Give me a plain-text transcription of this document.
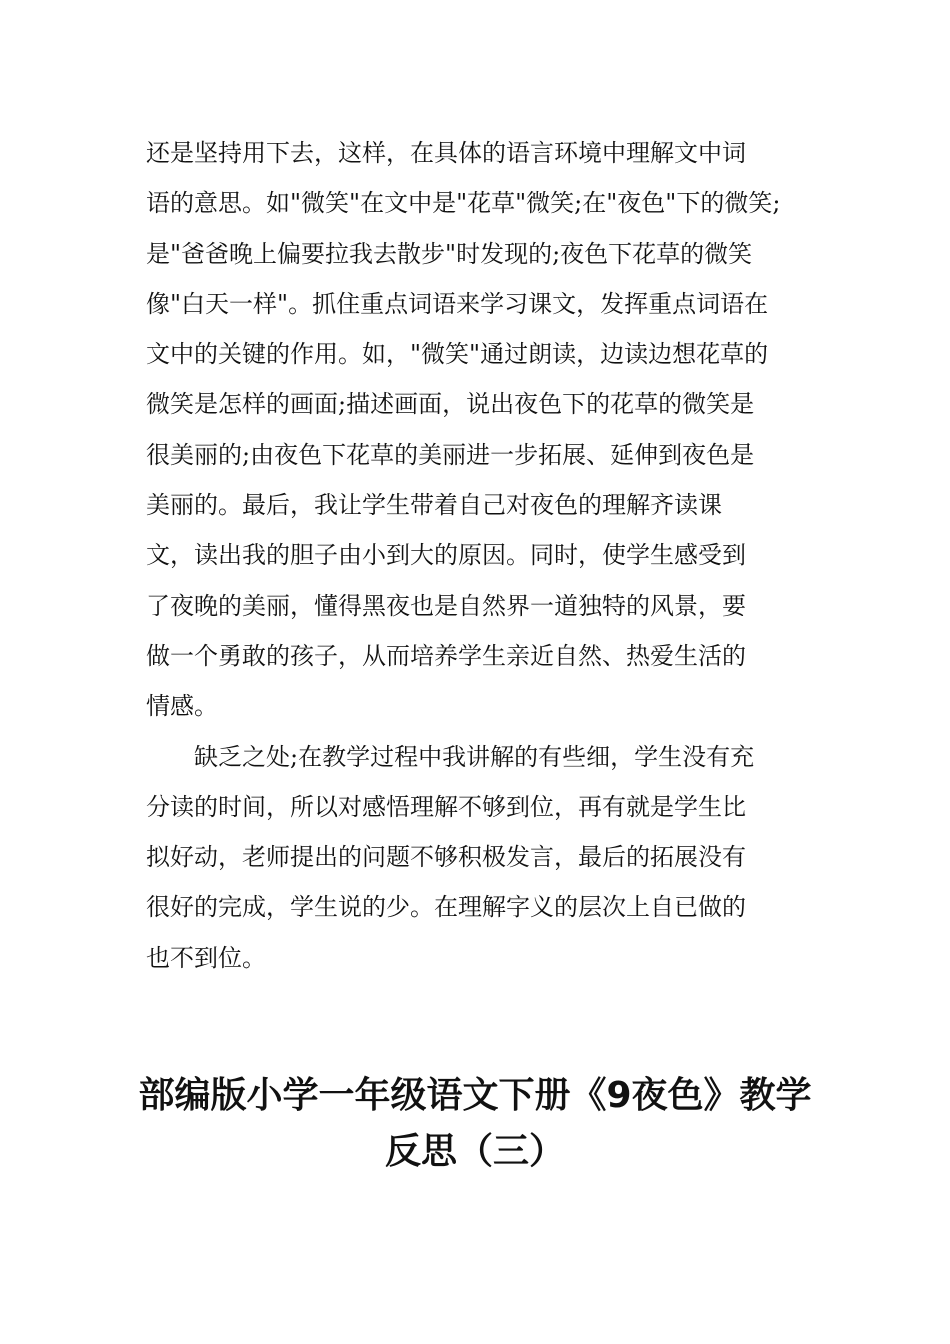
还是坚持用下去，这样，在具体的语言环境中理解文中词
语的意思。如"微笑"在文中是"花草"微笑;在"夜色"下的微笑;
是"爸爸晚上偏要拉我去散步"时发现的;夜色下花草的微笑
像"白天一样"。抓住重点词语来学习课文，发挥重点词语在
文中的关键的作用。如，"微笑"通过朗读，边读边想花草的
微笑是怎样的画面;描述画面，说出夜色下的花草的微笑是
很美丽的;由夜色下花草的美丽进一步拓展、延伸到夜色是
美丽的。最后，我让学生带着自己对夜色的理解齐读课
文，读出我的胆子由小到大的原因。同时，使学生感受到
了夜晚的美丽，懂得黑夜也是自然界一道独特的风景，要
做一个勇敢的孩子，从而培养学生亲近自然、热爱生活的
情感。
缺乏之处;在教学过程中我讲解的有些细，学生没有充
分读的时间，所以对感悟理解不够到位，再有就是学生比
拟好动，老师提出的问题不够积极发言，最后的拓展没有
很好的完成，学生说的少。在理解字义的层次上自已做的
也不到位。
部编版小学一年级语文下册《9夜色》教学
反思（三）
